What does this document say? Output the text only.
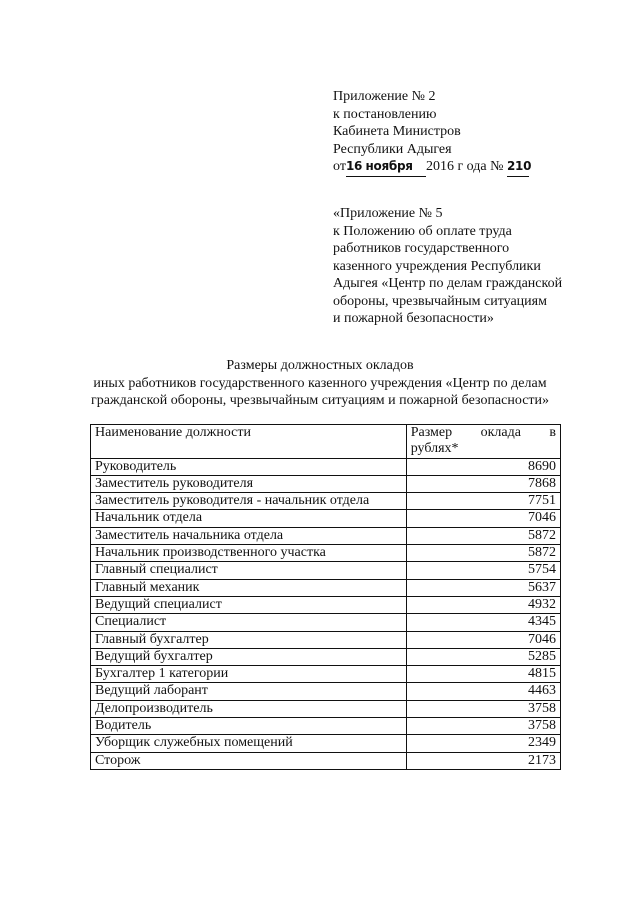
Приложение № 2
к постановлению
Кабинета Министров
Республики Адыгея
от16 ноября 2016 г ода № 210
«Приложение № 5
к Положению об оплате труда
работников государственного
казенного учреждения Республики
Адыгея «Центр по делам гражданской
обороны, чрезвычайным ситуациям
и пожарной безопасности»
Размеры должностных окладов
иных работников государственного казенного учреждения «Центр по делам
гражданской обороны, чрезвычайным ситуациям и пожарной безопасности»
Наименование должности	Размер оклада в
рублях*

Руководитель	8690
Заместитель руководителя	7868
Заместитель руководителя - начальник отдела	7751
Начальник отдела	7046
Заместитель начальника отдела	5872
Начальник производственного участка	5872
Главный специалист	5754
Главный механик	5637
Ведущий специалист	4932
Специалист	4345
Главный бухгалтер	7046
Ведущий бухгалтер	5285
Бухгалтер 1 категории	4815
Ведущий лаборант	4463
Делопроизводитель	3758
Водитель	3758
Уборщик служебных помещений	2349
Сторож	2173
